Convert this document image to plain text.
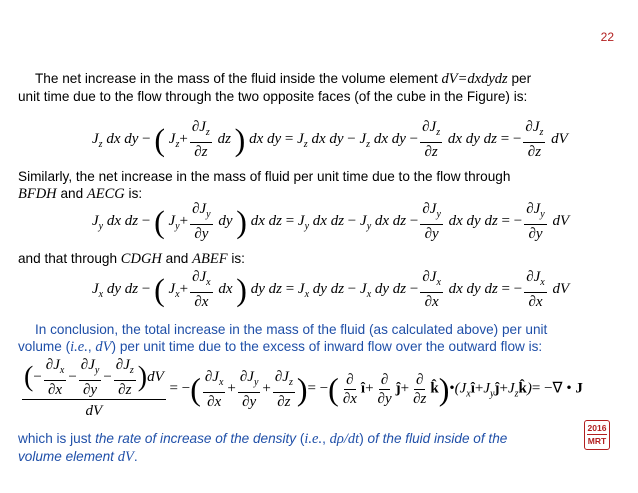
22
The net increase in the mass of the fluid inside the volume element dV=dxdydz per
unit time due to the flow through the two opposite faces (of the cube in the Figure) is:
$J_z$ dx dy − ( $J_z+ \frac{\partial J_z}{\partial z}$ dz ) dx dy = $J_z$ dx dy − $J_z$ dx dy − $\frac{\partial J_z}{\partial z}$ dx dy dz = − $\frac{\partial J_z}{\partial z}$ dV
Similarly, the net increase in the mass of fluid per unit time due to the flow through
BFDH and AECG is:
$J_y$ dx dz − ( $J_y+ \frac{\partial J_y}{\partial y}$ dy ) dx dz = $J_y$ dx dz − $J_y$ dx dz − $\frac{\partial J_y}{\partial y}$ dx dy dz = − $\frac{\partial J_y}{\partial y}$ dV
and that through CDGH and ABEF is:
$J_x$ dy dz − ( $J_x+ \frac{\partial J_x}{\partial x}$ dx ) dy dz = $J_x$ dy dz − $J_x$ dy dz − $\frac{\partial J_x}{\partial x}$ dx dy dz = − $\frac{\partial J_x}{\partial x}$ dV
In conclusion, the total increase in the mass of the fluid (as calculated above) per unit
volume (i.e., dV) per unit time due to the excess of inward flow over the outward flow is:
$\frac{(- \frac{\partial J_x}{\partial x} - \frac{\partial J_y}{\partial y} - \frac{\partial J_z}{\partial z} )dV}{dV}$ = −( $\frac{\partial J_x}{\partial x} + \frac{\partial J_y}{\partial y} + \frac{\partial J_z}{\partial z}$ )= −( $\frac{\partial}{\partial x}$ î+ $\frac{\partial}{\partial y}$ ĵ+ $\frac{\partial}{\partial z}$ $k̂)•(J_xî+J_yĵ+J_zk̂)=$ −∇ • J
which is just the rate of increase of the density (i.e., dρ/dt) of the fluid inside of the
volume element dV.
2016
MRT
